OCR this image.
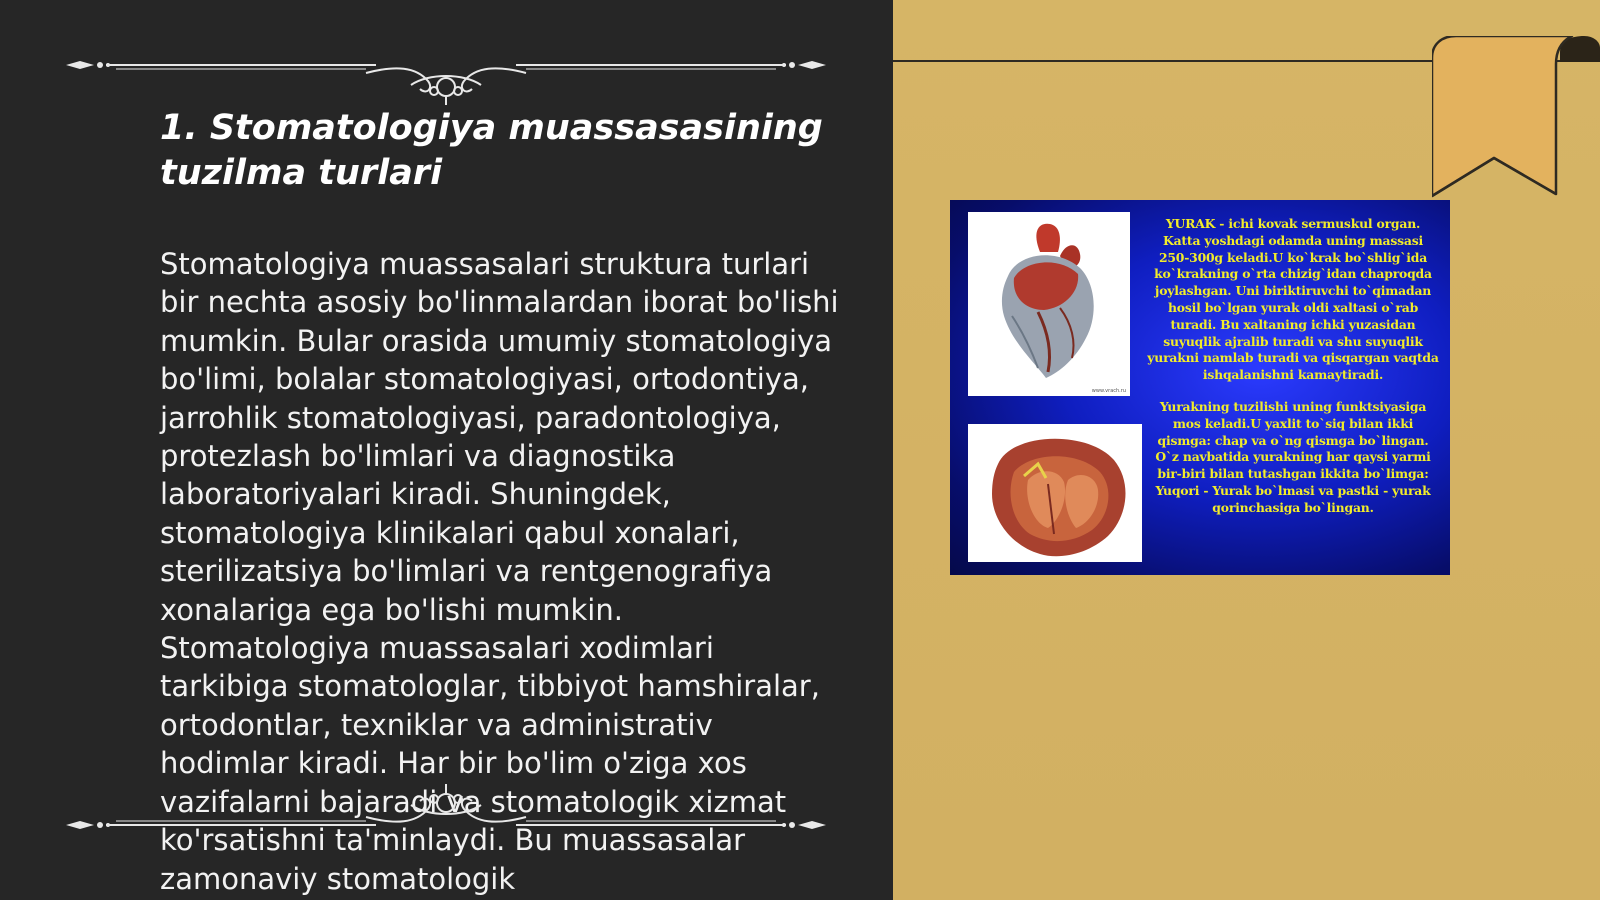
1. Stomatologiya muassasasining tuzilma turlari

Stomatologiya muassasalari struktura turlari bir nechta asosiy bo'linmalardan iborat bo'lishi mumkin. Bular orasida umumiy stomatologiya bo'limi, bolalar stomatologiyasi, ortodontiya, jarrohlik stomatologiyasi, paradontologiya, protezlash bo'limlari va diagnostika laboratoriyalari kiradi. Shuningdek, stomatologiya klinikalari qabul xonalari, sterilizatsiya bo'limlari va rentgenografiya xonalariga ega bo'lishi mumkin. Stomatologiya muassasalari xodimlari tarkibiga stomatologlar, tibbiyot hamshiralar, ortodontlar, texniklar va administrativ hodimlar kiradi. Har bir bo'lim o'ziga xos vazifalarni bajaradi va stomatologik xizmat ko'rsatishni ta'minlaydi. Bu muassasalar zamonaviy stomatologik

www.vrach.ru

YURAK - ichi kovak sermuskul organ. Katta yoshdagi odamda uning massasi 250-300g keladi.U ko`krak bo`shlig`ida ko`krakning o`rta chizig`idan chaproqda joylashgan. Uni biriktiruvchi to`qimadan hosil bo`lgan yurak oldi xaltasi o`rab turadi. Bu xaltaning ichki yuzasidan suyuqlik ajralib turadi va shu suyuqlik yurakni namlab turadi va qisqargan vaqtda ishqalanishni kamaytiradi.

Yurakning tuzilishi uning funktsiyasiga mos keladi.U yaxlit to`siq bilan ikki qismga: chap va o`ng qismga bo`lingan. O`z navbatida yurakning har qaysi yarmi bir-biri bilan tutashgan ikkita bo`limga: Yuqori - Yurak bo`lmasi va pastki - yurak qorinchasiga bo`lingan.
